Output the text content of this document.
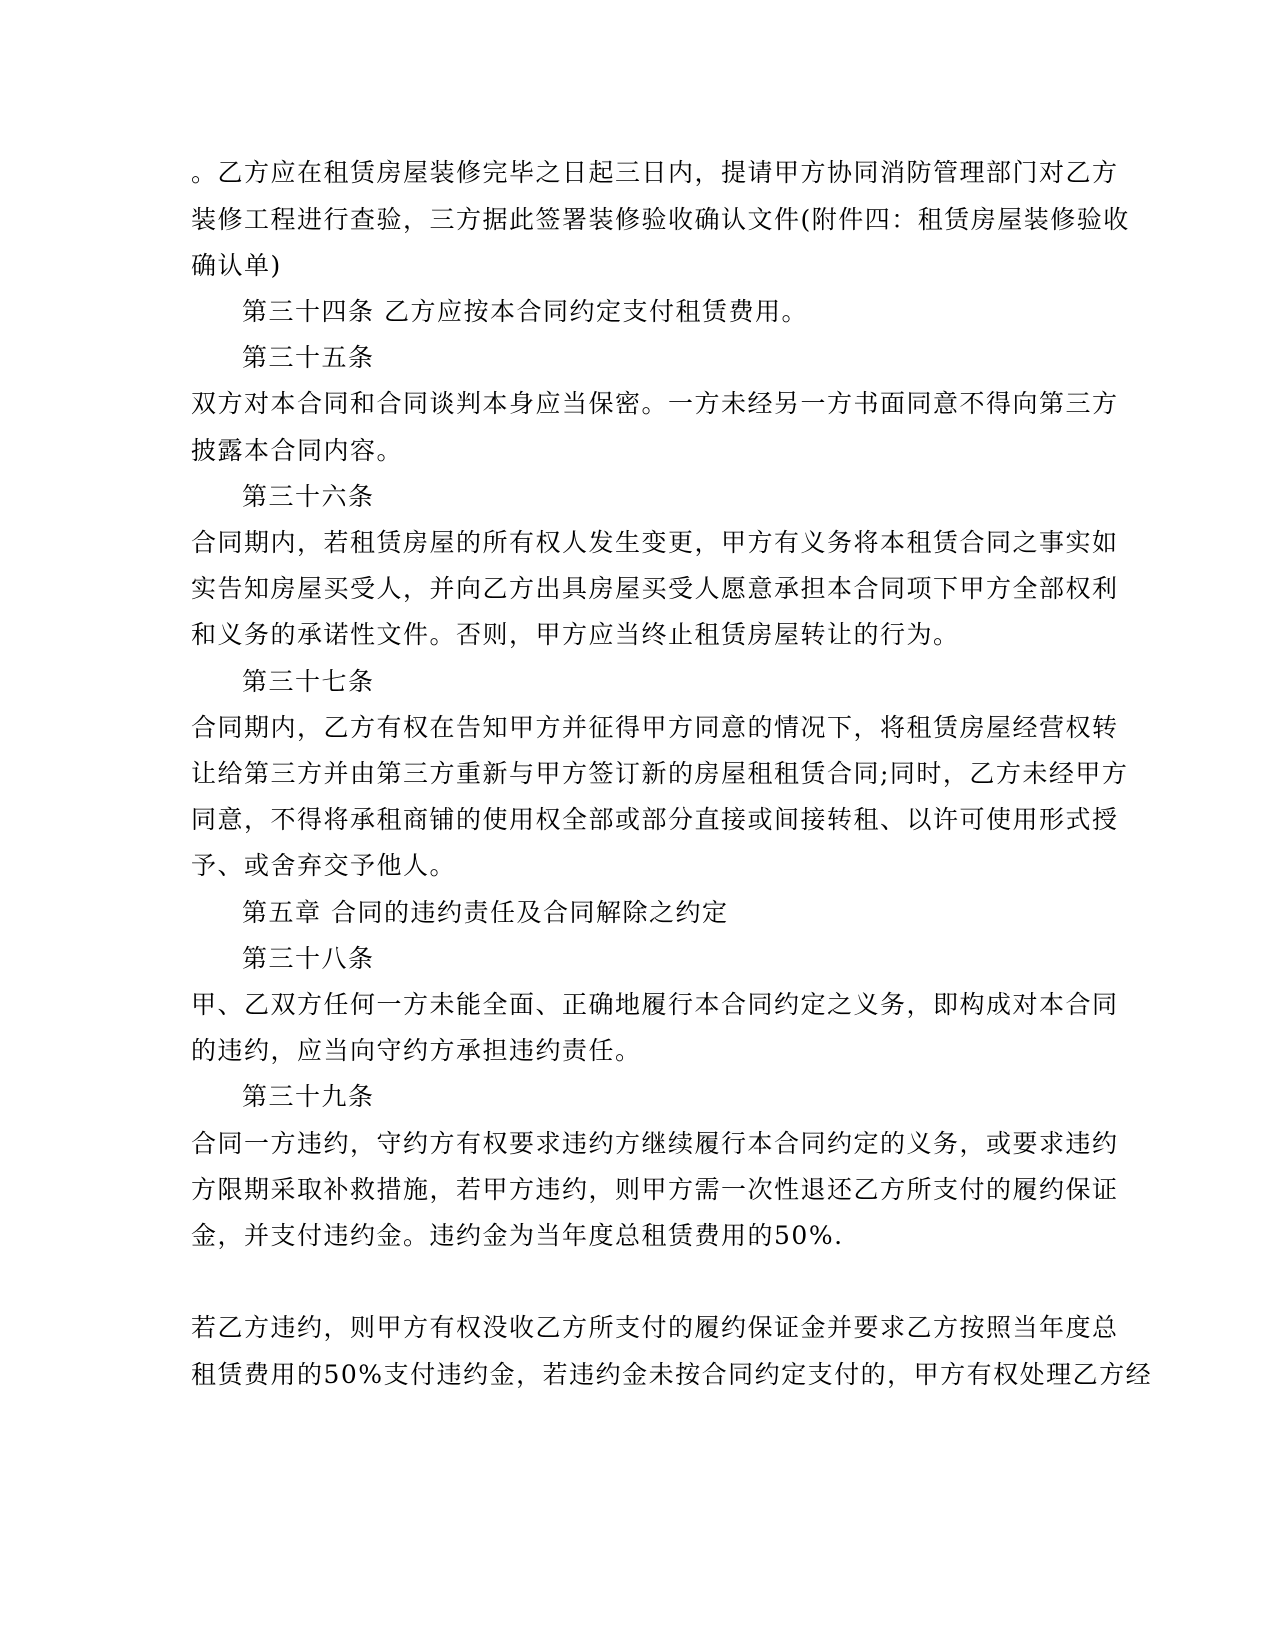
。乙方应在租赁房屋装修完毕之日起三日内，提请甲方协同消防管理部门对乙方
装修工程进行查验，三方据此签署装修验收确认文件(附件四：租赁房屋装修验收
确认单)
第三十四条 乙方应按本合同约定支付租赁费用。
第三十五条
双方对本合同和合同谈判本身应当保密。一方未经另一方书面同意不得向第三方
披露本合同内容。
第三十六条
合同期内，若租赁房屋的所有权人发生变更，甲方有义务将本租赁合同之事实如
实告知房屋买受人，并向乙方出具房屋买受人愿意承担本合同项下甲方全部权利
和义务的承诺性文件。否则，甲方应当终止租赁房屋转让的行为。
第三十七条
合同期内，乙方有权在告知甲方并征得甲方同意的情况下，将租赁房屋经营权转
让给第三方并由第三方重新与甲方签订新的房屋租租赁合同;同时，乙方未经甲方
同意，不得将承租商铺的使用权全部或部分直接或间接转租、以许可使用形式授
予、或舍弃交予他人。
第五章 合同的违约责任及合同解除之约定
第三十八条
甲、乙双方任何一方未能全面、正确地履行本合同约定之义务，即构成对本合同
的违约，应当向守约方承担违约责任。
第三十九条
合同一方违约，守约方有权要求违约方继续履行本合同约定的义务，或要求违约
方限期采取补救措施，若甲方违约，则甲方需一次性退还乙方所支付的履约保证
金，并支付违约金。违约金为当年度总租赁费用的50%.
若乙方违约，则甲方有权没收乙方所支付的履约保证金并要求乙方按照当年度总
租赁费用的50%支付违约金，若违约金未按合同约定支付的，甲方有权处理乙方经
